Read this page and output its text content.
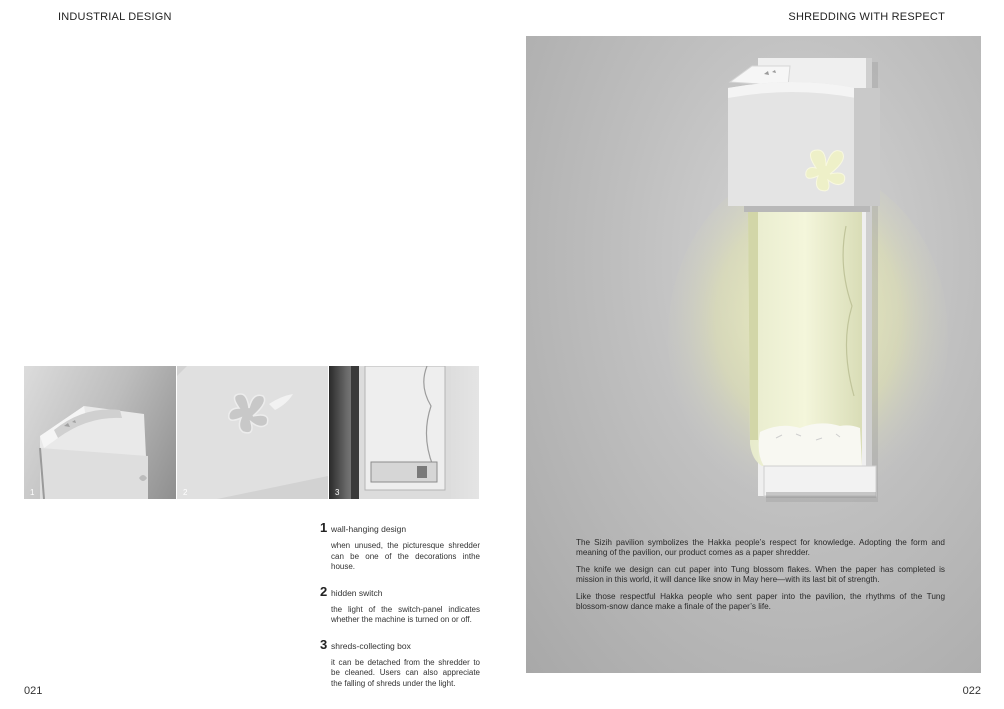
INDUSTRIAL DESIGN	SHREDDING WITH RESPECT
1	2	3
1 wall-hanging design
when unused, the picturesque shredder can be one of the decorations inthe house.
2 hidden switch
the light of the switch-panel indicates whether the machine is turned on or off.
3 shreds-collecting box
it can be detached from the shredder to be cleaned. Users can also appreciate the falling of shreds under the light.

The Sizih pavilion symbolizes the Hakka people’s respect for knowledge. Adopting the form and meaning of the pavilion, our product comes as a paper shredder.

The knife we design can cut paper into Tung blossom flakes. When the paper has completed is mission in this world, it will dance like snow in May here—with its last bit of strength.

Like those respectful Hakka people who sent paper into the pavilion, the rhythms of the Tung blossom-snow dance make a finale of the paper’s life.

021	022
